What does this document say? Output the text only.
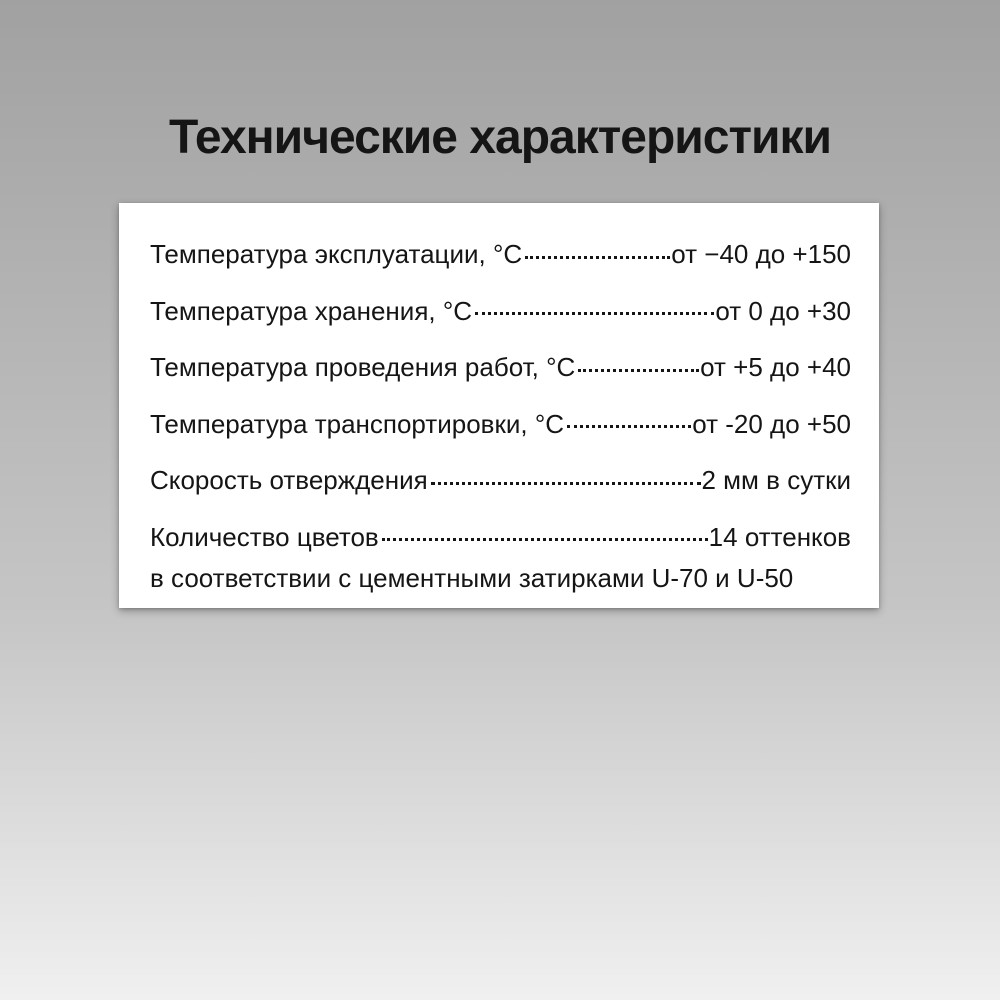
Технические характеристики
Температура эксплуатации, °С	от −40 до +150
Температура хранения, °С	от 0 до +30
Температура проведения работ, °С	от +5 до +40
Температура транспортировки, °С	от -20 до +50
Скорость отверждения	2 мм в сутки
Количество цветов	14 оттенков
в соответствии с цементными затирками U-70 и U-50
